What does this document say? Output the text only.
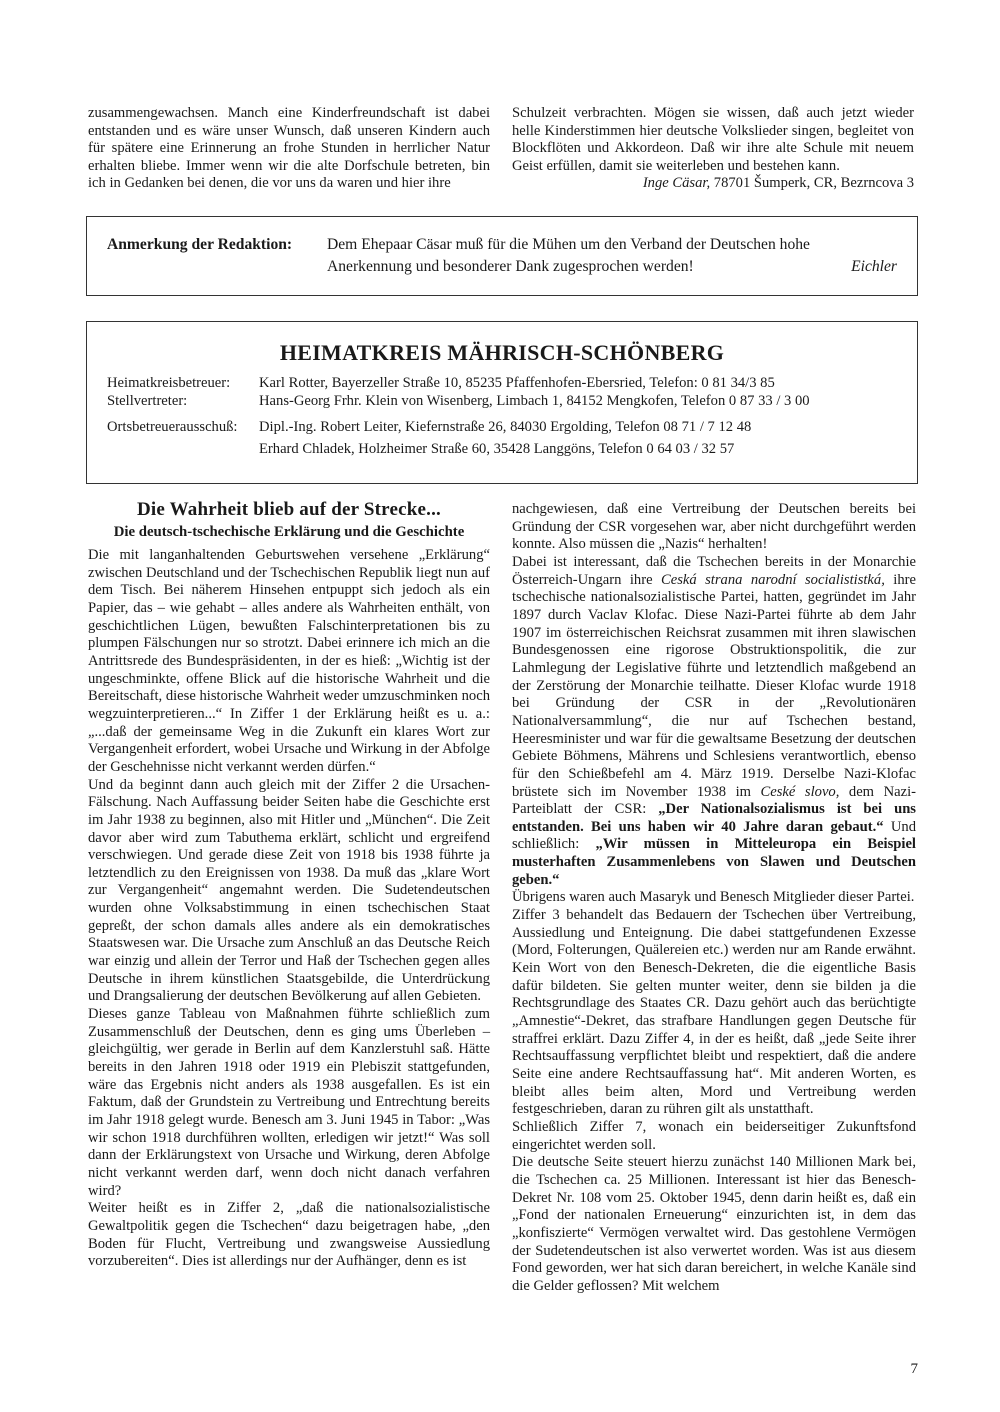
zusammengewachsen. Manch eine Kinderfreundschaft ist dabei entstanden und es wäre unser Wunsch, daß unseren Kindern auch für spätere eine Erinnerung an frohe Stunden in herrlicher Natur erhalten bliebe. Immer wenn wir die alte Dorfschule betreten, bin ich in Gedanken bei denen, die vor uns da waren und hier ihre

Schulzeit verbrachten. Mögen sie wissen, daß auch jetzt wieder helle Kinderstimmen hier deutsche Volkslieder singen, begleitet von Blockflöten und Akkordeon. Daß wir ihre alte Schule mit neuem Geist erfüllen, damit sie weiterleben und bestehen kann.

Inge Cäsar, 78701 Šumperk, CR, Bezrncova 3

Anmerkung der Redaktion: Dem Ehepaar Cäsar muß für die Mühen um den Verband der Deutschen hohe
Anerkennung und besonderer Dank zugesprochen werden!	Eichler
HEIMATKREIS MÄHRISCH-SCHÖNBERG
Heimatkreisbetreuer: Karl Rotter, Bayerzeller Straße 10, 85235 Pfaffenhofen-Ebersried, Telefon: 0 81 34/3 85
Stellvertreter:	Hans-Georg Frhr. Klein von Wisenberg, Limbach 1, 84152 Mengkofen, Telefon 0 87 33 / 3 00
Ortsbetreuerausschuß: Dipl.-Ing. Robert Leiter, Kiefernstraße 26, 84030 Ergolding, Telefon 08 71 / 7 12 48
Erhard Chladek, Holzheimer Straße 60, 35428 Langgöns, Telefon 0 64 03 / 32 57
Die Wahrheit blieb auf der Strecke...
Die deutsch-tschechische Erklärung und die Geschichte

Die mit langanhaltenden Geburtswehen versehene „Erklärung“ zwischen Deutschland und der Tschechischen Republik liegt nun auf dem Tisch. Bei näherem Hinsehen entpuppt sich jedoch als ein Papier, das – wie gehabt – alles andere als Wahrheiten enthält, von geschichtlichen Lügen, bewußten Falschinterpretationen bis zu plumpen Fälschungen nur so strotzt. Dabei erinnere ich mich an die Antrittsrede des Bundespräsidenten, in der es hieß: „Wichtig ist der ungeschminkte, offene Blick auf die historische Wahrheit und die Bereitschaft, diese historische Wahrheit weder umzuschminken noch wegzuinterpretieren...“ In Ziffer 1 der Erklärung heißt es u. a.: „...daß der gemeinsame Weg in die Zukunft ein klares Wort zur Vergangenheit erfordert, wobei Ursache und Wirkung in der Abfolge der Geschehnisse nicht verkannt werden dürfen.“

Und da beginnt dann auch gleich mit der Ziffer 2 die Ursachen-Fälschung. Nach Auffassung beider Seiten habe die Geschichte erst im Jahr 1938 zu beginnen, also mit Hitler und „München“. Die Zeit davor aber wird zum Tabuthema erklärt, schlicht und ergreifend verschwiegen. Und gerade diese Zeit von 1918 bis 1938 führte ja letztendlich zu den Ereignissen von 1938. Da muß das „klare Wort zur Vergangenheit“ angemahnt werden. Die Sudetendeutschen wurden ohne Volksabstimmung in einen tschechischen Staat gepreßt, der schon damals alles andere als ein demokratisches Staatswesen war. Die Ursache zum Anschluß an das Deutsche Reich war einzig und allein der Terror und Haß der Tschechen gegen alles Deutsche in ihrem künstlichen Staatsgebilde, die Unterdrückung und Drangsalierung der deutschen Bevölkerung auf allen Gebieten.

Dieses ganze Tableau von Maßnahmen führte schließlich zum Zusammenschluß der Deutschen, denn es ging ums Überleben – gleichgültig, wer gerade in Berlin auf dem Kanzlerstuhl saß. Hätte bereits in den Jahren 1918 oder 1919 ein Plebiszit stattgefunden, wäre das Ergebnis nicht anders als 1938 ausgefallen. Es ist ein Faktum, daß der Grundstein zu Vertreibung und Entrechtung bereits im Jahr 1918 gelegt wurde. Benesch am 3. Juni 1945 in Tabor: „Was wir schon 1918 durchführen wollten, erledigen wir jetzt!“ Was soll dann der Erklärungstext von Ursache und Wirkung, deren Abfolge nicht verkannt werden darf, wenn doch nicht danach verfahren wird?

Weiter heißt es in Ziffer 2, „daß die nationalsozialistische Gewaltpolitik gegen die Tschechen“ dazu beigetragen habe, „den Boden für Flucht, Vertreibung und zwangsweise Aussiedlung vorzubereiten“. Dies ist allerdings nur der Aufhänger, denn es ist

nachgewiesen, daß eine Vertreibung der Deutschen bereits bei Gründung der CSR vorgesehen war, aber nicht durchgeführt werden konnte. Also müssen die „Nazis“ herhalten!

Dabei ist interessant, daß die Tschechen bereits in der Monarchie Österreich-Ungarn ihre Ceská strana narodní socialististká, ihre tschechische nationalsozialistische Partei, hatten, gegründet im Jahr 1897 durch Vaclav Klofac. Diese Nazi-Partei führte ab dem Jahr 1907 im österreichischen Reichsrat zusammen mit ihren slawischen Bundesgenossen eine rigorose Obstruktionspolitik, die zur Lahmlegung der Legislative führte und letztendlich maßgebend an der Zerstörung der Monarchie teilhatte. Dieser Klofac wurde 1918 bei Gründung der CSR in der „Revolutionären Nationalversammlung“, die nur auf Tschechen bestand, Heeresminister und war für die gewaltsame Besetzung der deutschen Gebiete Böhmens, Mährens und Schlesiens verantwortlich, ebenso für den Schießbefehl am 4. März 1919. Derselbe Nazi-Klofac brüstete sich im November 1938 im Ceské slovo, dem Nazi-Parteiblatt der CSR: „Der Nationalsozialismus ist bei uns entstanden. Bei uns haben wir 40 Jahre daran gebaut.“ Und schließlich: „Wir müssen in Mitteleuropa ein Beispiel musterhaften Zusammenlebens von Slawen und Deutschen geben.“

Übrigens waren auch Masaryk und Benesch Mitglieder dieser Partei.

Ziffer 3 behandelt das Bedauern der Tschechen über Vertreibung, Aussiedlung und Enteignung. Die dabei stattgefundenen Exzesse (Mord, Folterungen, Quälereien etc.) werden nur am Rande erwähnt. Kein Wort von den Benesch-Dekreten, die die eigentliche Basis dafür bildeten. Sie gelten munter weiter, denn sie bilden ja die Rechtsgrundlage des Staates CR. Dazu gehört auch das berüchtigte „Amnestie“-Dekret, das strafbare Handlungen gegen Deutsche für straffrei erklärt. Dazu Ziffer 4, in der es heißt, daß „jede Seite ihrer Rechtsauffassung verpflichtet bleibt und respektiert, daß die andere Seite eine andere Rechtsauffassung hat“. Mit anderen Worten, es bleibt alles beim alten, Mord und Vertreibung werden festgeschrieben, daran zu rühren gilt als unstatthaft.

Schließlich Ziffer 7, wonach ein beiderseitiger Zukunftsfond eingerichtet werden soll.

Die deutsche Seite steuert hierzu zunächst 140 Millionen Mark bei, die Tschechen ca. 25 Millionen. Interessant ist hier das Benesch-Dekret Nr. 108 vom 25. Oktober 1945, denn darin heißt es, daß ein „Fond der nationalen Erneuerung“ einzurichten ist, in dem das „konfiszierte“ Vermögen verwaltet wird. Das gestohlene Vermögen der Sudetendeutschen ist also verwertet worden. Was ist aus diesem Fond geworden, wer hat sich daran bereichert, in welche Kanäle sind die Gelder geflossen? Mit welchem

7
